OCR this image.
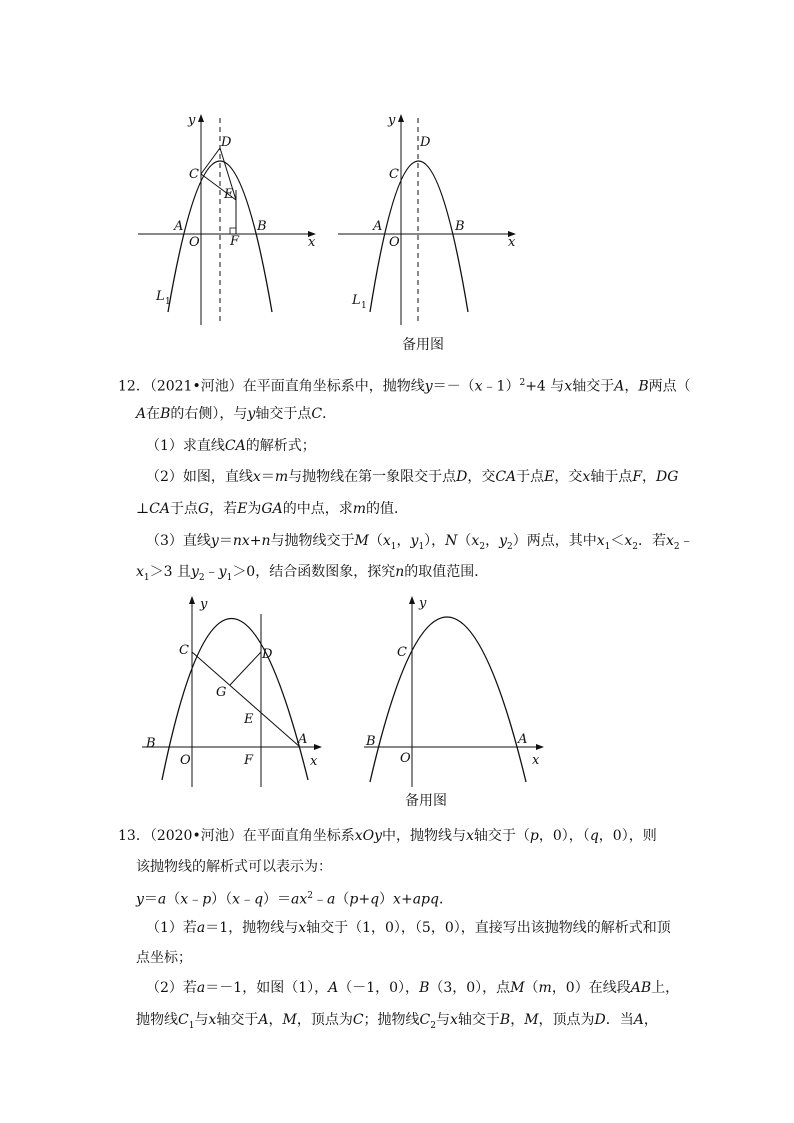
y
x
D
C
E
A	B
O F
L 1
y
x
D
C
A	B
O
L 1
备用图
12．（2021•河池）在平面直角坐标系中，抛物线y＝－（x﹣1）$^2$+4 与x轴交于A，B两点（
A在B的右侧），与y轴交于点C．
（1）求直线CA的解析式；
（2）如图，直线x＝m与抛物线在第一象限交于点D，交CA于点E，交x轴于点F，DG
⊥CA于点G，若E为GA的中点，求m的值．
（3）直线y＝nx+n与抛物线交于$M(x_1$，$y_1$），$N(x_2$，$y_2$）两点，其中$x_1<x_2$．若$x_2﹣$
$x_1>3$ 且$y_2﹣y_1>0$，结合函数图象，探究n的取值范围．
y
x
C	D
G
E
A
B
O	F
y
x
C
A
B
O
备用图
13．（2020•河池）在平面直角坐标系xOy中，抛物线与x轴交于（p，0），（q，0），则
该抛物线的解析式可以表示为：
$y=a(x﹣p)(x﹣q)=ax^2﹣a(p+q)x+apq$．
（1）若a＝1，抛物线与x轴交于（1，0），（5，0），直接写出该抛物线的解析式和顶
点坐标；
（2）若a＝－1，如图（1），A（－1，0），B（3，0），点M（m，0）在线段AB上，
抛物线$C_1$与x轴交于A，M，顶点为C；抛物线$C_2$与x轴交于B，M，顶点为D．当A，
